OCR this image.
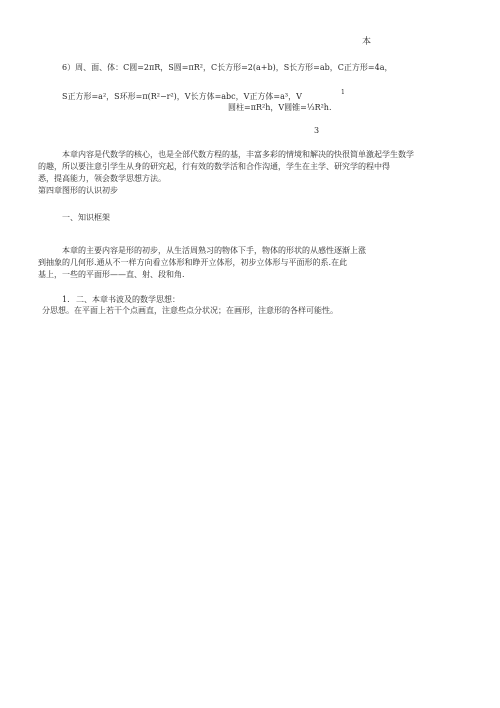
本
6）周、面、体：C圆=2πR，S圆=πR²，C长方形=2(a+b)，S长方形=ab，C正方形=4a，
S正方形=a²，S环形=π(R²−r²)，V长方体=abc，V正方体=a³，V	1
圆柱=πR²h，V圆锥=⅓R²h.
3
本章内容是代数学的核心，也是全部代数方程的基，丰富多彩的情境和解决的快很简单激起学生数学
的趣，所以要注意引学生从身的研究起，行有效的数学活和合作沟通，学生在主学、研究学的程中得
悉，提高能力，领会数学思想方法。
第四章图形的认识初步
一、知识框架
本章的主要内容是形的初步，从生活周熟习的物体下手，物体的形状的从感性逐渐上涨
到抽象的几何形.通从不一样方向看立体形和睁开立体形，初步立体形与平面形的系.在此
基上，一些的平面形——直、射、段和角.
1. 二、本章书波及的数学思想：
分思想。在平面上若干个点画直，注意些点分状况；在画形，注意形的各样可能性。
